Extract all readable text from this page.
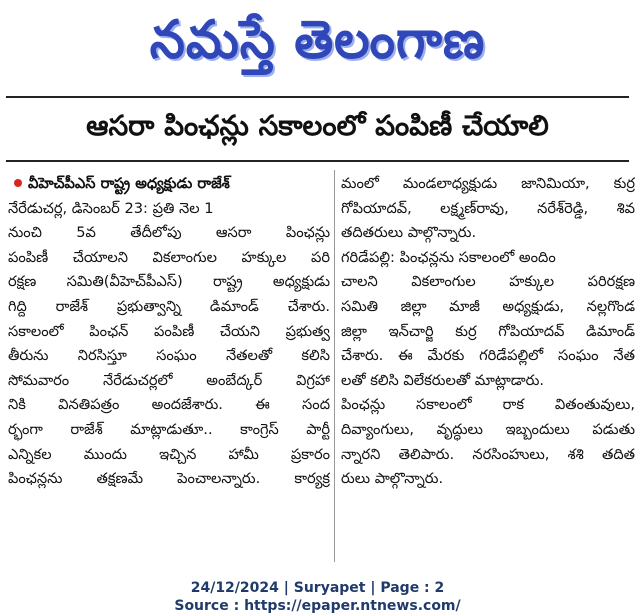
నమస్తే తెలంగాణ
ఆసరా పింఛన్లు సకాలంలో పంపిణీ చేయాలి
వీహెచ్‌పీఎస్‌ రాష్ట్ర అధ్యక్షుడు రాజేశ్‌
నేరేడుచర్ల, డిసెంబర్‌ 23: ప్రతి నెల 1
నుంచి 5వ తేదీలోపు ఆసరా పింఛన్లు
పంపిణీ చేయాలని వికలాంగుల హక్కుల పరి
రక్షణ సమితి(వీహెచ్‌పీఎస్‌) రాష్ట్ర అధ్యక్షుడు
గిద్ది రాజేశ్‌ ప్రభుత్వాన్ని డిమాండ్‌ చేశారు.
సకాలంలో పింఛన్‌ పంపిణీ చేయని ప్రభుత్వ
తీరును నిరసిస్తూ సంఘం నేతలతో కలిసి
సోమవారం నేరేడుచర్లలో అంబేద్కర్‌ విగ్రహా
నికి వినతిపత్రం అందజేశారు. ఈ సంద
ర్భంగా రాజేశ్‌ మాట్లాడుతూ.. కాంగ్రెస్‌ పార్టీ
ఎన్నికల ముందు ఇచ్చిన హామీ ప్రకారం
పింఛన్లను తక్షణమే పెంచాలన్నారు. కార్యక్ర
మంలో మండలాధ్యక్షుడు జానిమియా, కుర్ర
గోపియాదవ్‌, లక్ష్మణ్‌రావు, నరేశ్‌రెడ్డి, శివ
తదితరులు పాల్గొన్నారు.
గరిడేపల్లి: పింఛన్లను సకాలంలో అందిం
చాలని వికలాంగుల హక్కుల పరిరక్షణ
సమితి జిల్లా మాజీ అధ్యక్షుడు, నల్లగొండ
జిల్లా ఇన్‌చార్జి కుర్ర గోపియాదవ్‌ డిమాండ్‌
చేశారు. ఈ మేరకు గరిడేపల్లిలో సంఘం నేత
లతో కలిసి విలేకరులతో మాట్లాడారు.
పింఛన్లు సకాలంలో రాక వితంతువులు,
దివ్యాంగులు, వృద్ధులు ఇబ్బందులు పడుతు
న్నారని తెలిపారు. నరసింహులు, శశి తదిత
రులు పాల్గొన్నారు.
24/12/2024 | Suryapet | Page : 2
Source : https://epaper.ntnews.com/
